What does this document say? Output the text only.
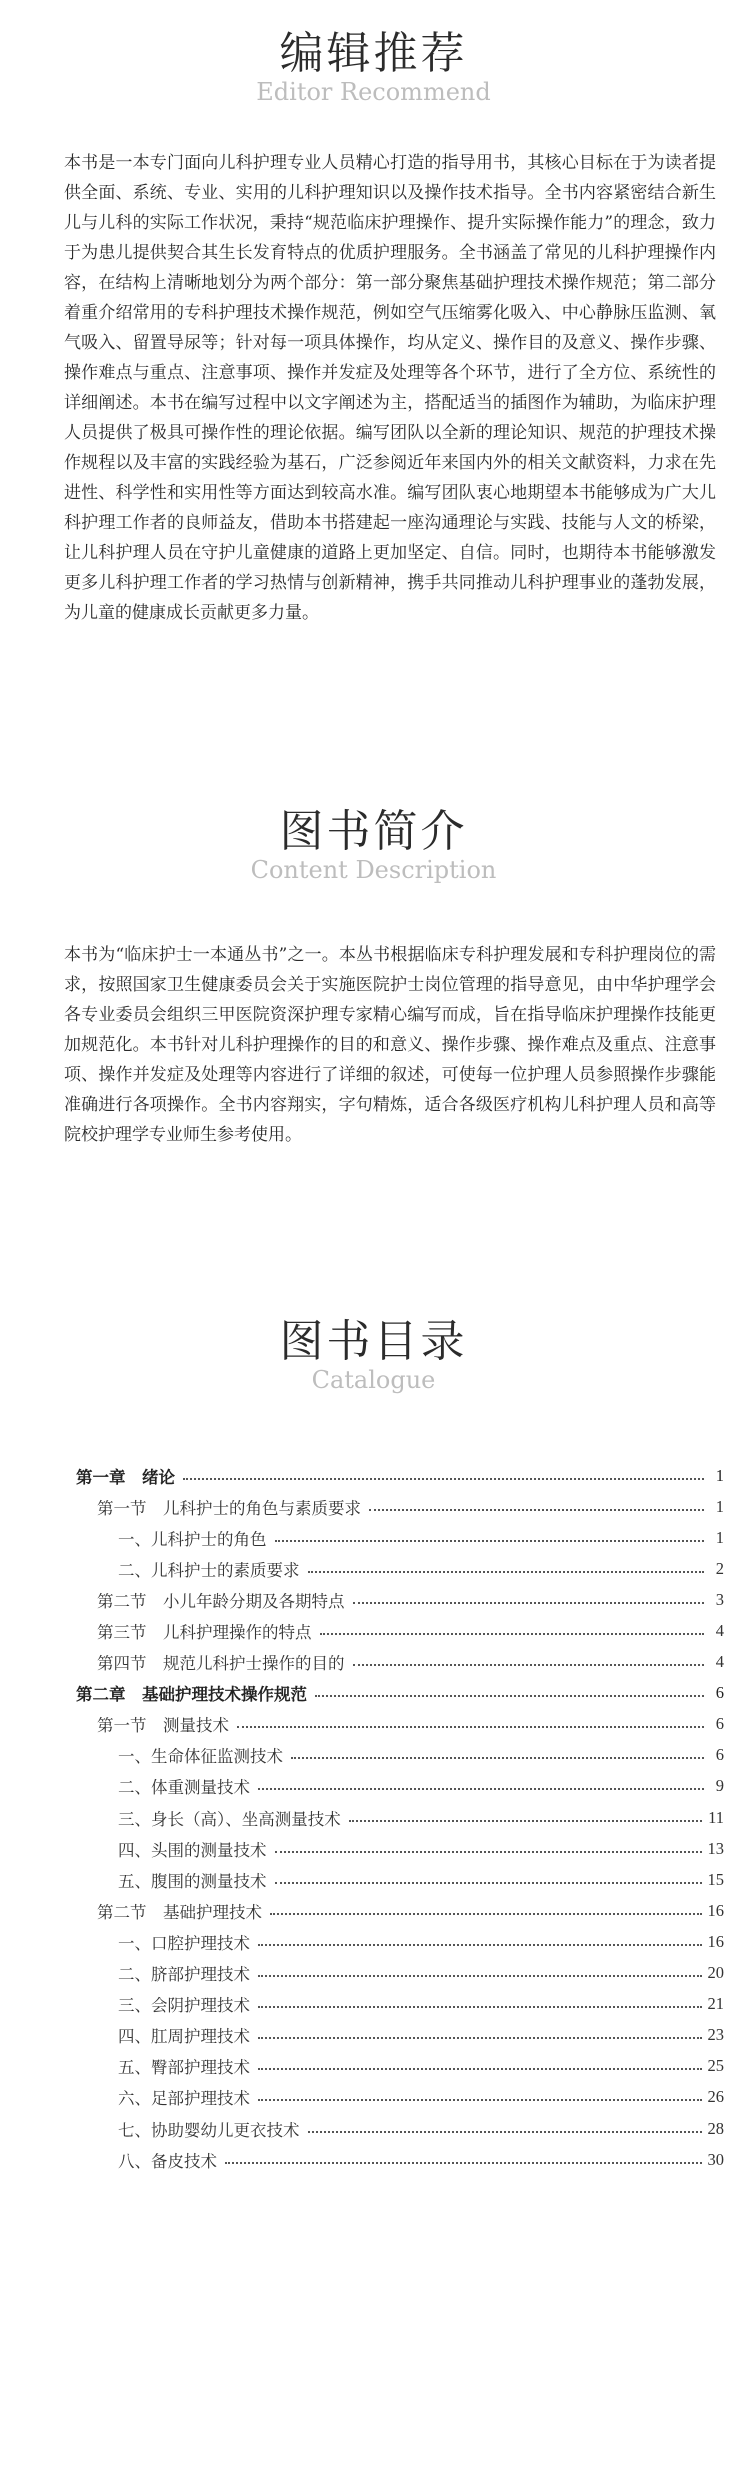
编辑推荐
Editor Recommend

本书是一本专门面向儿科护理专业人员精心打造的指导用书，其核心目标在于为读者提供全面、系统、专业、实用的儿科护理知识以及操作技术指导。全书内容紧密结合新生儿与儿科的实际工作状况，秉持“规范临床护理操作、提升实际操作能力”的理念，致力于为患儿提供契合其生长发育特点的优质护理服务。全书涵盖了常见的儿科护理操作内容，在结构上清晰地划分为两个部分：第一部分聚焦基础护理技术操作规范；第二部分着重介绍常用的专科护理技术操作规范，例如空气压缩雾化吸入、中心静脉压监测、氧气吸入、留置导尿等；针对每一项具体操作，均从定义、操作目的及意义、操作步骤、操作难点与重点、注意事项、操作并发症及处理等各个环节，进行了全方位、系统性的详细阐述。本书在编写过程中以文字阐述为主，搭配适当的插图作为辅助，为临床护理人员提供了极具可操作性的理论依据。编写团队以全新的理论知识、规范的护理技术操作规程以及丰富的实践经验为基石，广泛参阅近年来国内外的相关文献资料，力求在先进性、科学性和实用性等方面达到较高水准。编写团队衷心地期望本书能够成为广大儿科护理工作者的良师益友，借助本书搭建起一座沟通理论与实践、技能与人文的桥梁，让儿科护理人员在守护儿童健康的道路上更加坚定、自信。同时，也期待本书能够激发更多儿科护理工作者的学习热情与创新精神，携手共同推动儿科护理事业的蓬勃发展，为儿童的健康成长贡献更多力量。

图书简介
Content Description

本书为“临床护士一本通丛书”之一。本丛书根据临床专科护理发展和专科护理岗位的需求，按照国家卫生健康委员会关于实施医院护士岗位管理的指导意见，由中华护理学会各专业委员会组织三甲医院资深护理专家精心编写而成，旨在指导临床护理操作技能更加规范化。本书针对儿科护理操作的目的和意义、操作步骤、操作难点及重点、注意事项、操作并发症及处理等内容进行了详细的叙述，可使每一位护理人员参照操作步骤能准确进行各项操作。全书内容翔实，字句精炼，适合各级医疗机构儿科护理人员和高等院校护理学专业师生参考使用。

图书目录
Catalogue
第一章　绪论	1
第一节　儿科护士的角色与素质要求	1
一、儿科护士的角色	1
二、儿科护士的素质要求	2
第二节　小儿年龄分期及各期特点	3
第三节　儿科护理操作的特点	4
第四节　规范儿科护士操作的目的	4
第二章　基础护理技术操作规范	6
第一节　测量技术	6
一、生命体征监测技术	6
二、体重测量技术	9
三、身长（高）、坐高测量技术	11
四、头围的测量技术	13
五、腹围的测量技术	15
第二节　基础护理技术	16
一、口腔护理技术	16
二、脐部护理技术	20
三、会阴护理技术	21
四、肛周护理技术	23
五、臀部护理技术	25
六、足部护理技术	26
七、协助婴幼儿更衣技术	28
八、备皮技术	30
